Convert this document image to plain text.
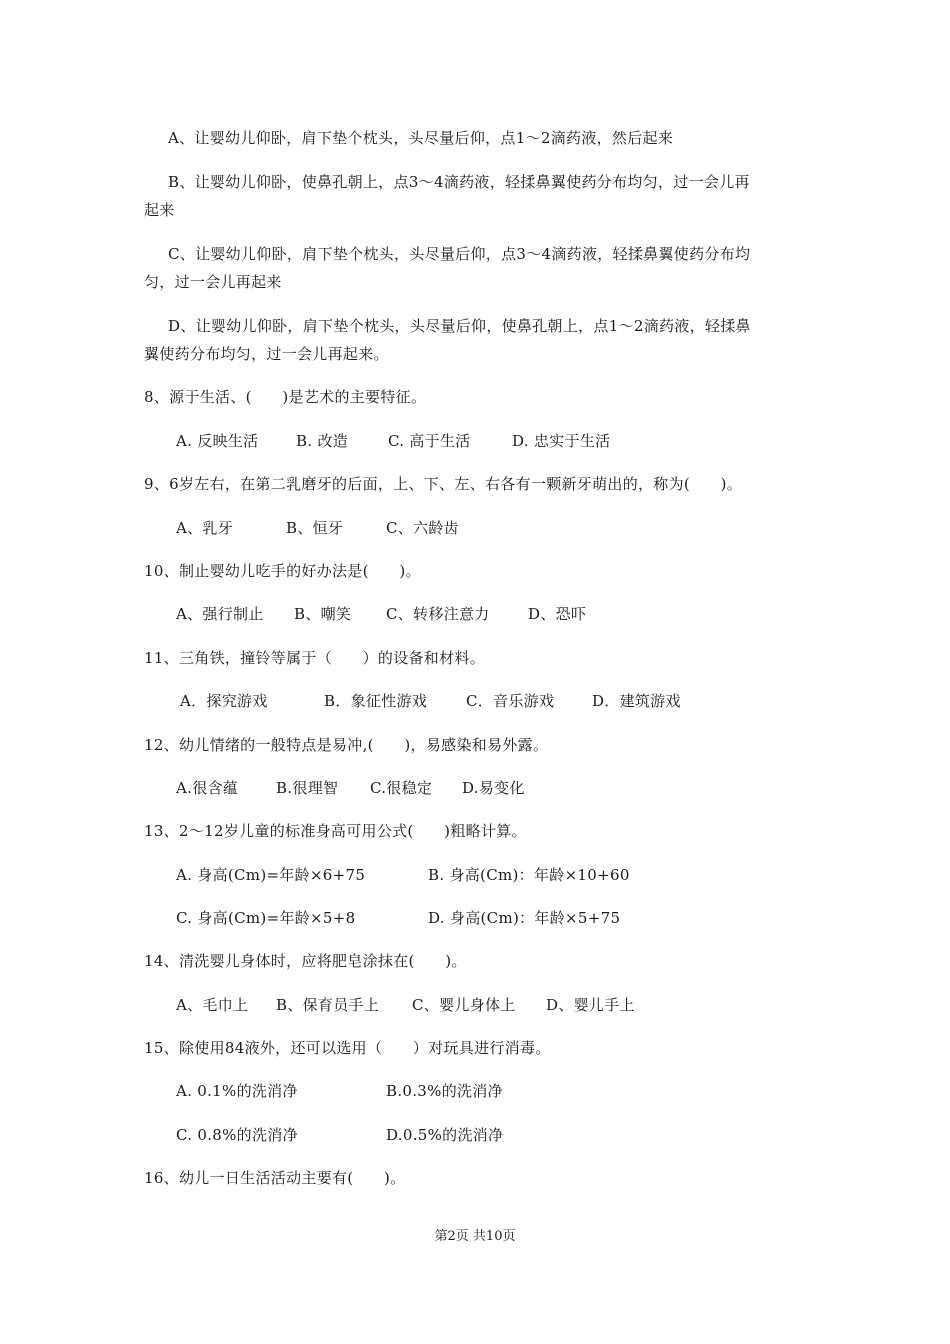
A、让婴幼儿仰卧，肩下垫个枕头，头尽量后仰，点1～2滴药液，然后起来
B、让婴幼儿仰卧，使鼻孔朝上，点3～4滴药液，轻揉鼻翼使药分布均匀，过一会儿再
起来
C、让婴幼儿仰卧，肩下垫个枕头，头尽量后仰，点3～4滴药液，轻揉鼻翼使药分布均
匀，过一会儿再起来
D、让婴幼儿仰卧，肩下垫个枕头，头尽量后仰，使鼻孔朝上，点1～2滴药液，轻揉鼻
翼使药分布均匀，过一会儿再起来。
8、源于生活、(　　)是艺术的主要特征。
A. 反映生活	B. 改造	C. 高于生活	D. 忠实于生活
9、6岁左右，在第二乳磨牙的后面，上、下、左、右各有一颗新牙萌出的，称为(　　)。
A、乳牙	B、恒牙	C、六龄齿
10、制止婴幼儿吃手的好办法是(　　)。
A、强行制止 B、嘲笑 C、转移注意力	D、恐吓
11、三角铁，撞铃等属于（　　）的设备和材料。
A．探究游戏	B．象征性游戏	C．音乐游戏	D．建筑游戏
12、幼儿情绪的一般特点是易冲,(　　)，易感染和易外露。
A.很含蕴	B.很理智 C.很稳定 D.易变化
13、2～12岁儿童的标准身高可用公式(　　)粗略计算。
A. 身高(Cm)=年龄×6+75	B. 身高(Cm)：年龄×10+60
C. 身高(Cm)=年龄×5+8	D. 身高(Cm)：年龄×5+75
14、清洗婴儿身体时，应将肥皂涂抹在(　　)。
A、毛巾上 B、保育员手上 C、婴儿身体上 D、婴儿手上
15、除使用84液外，还可以选用（　　）对玩具进行消毒。
A. 0.1%的洗消净	B.0.3%的洗消净
C. 0.8%的洗消净	D.0.5%的洗消净
16、幼儿一日生活活动主要有(　　)。
第2页 共10页
